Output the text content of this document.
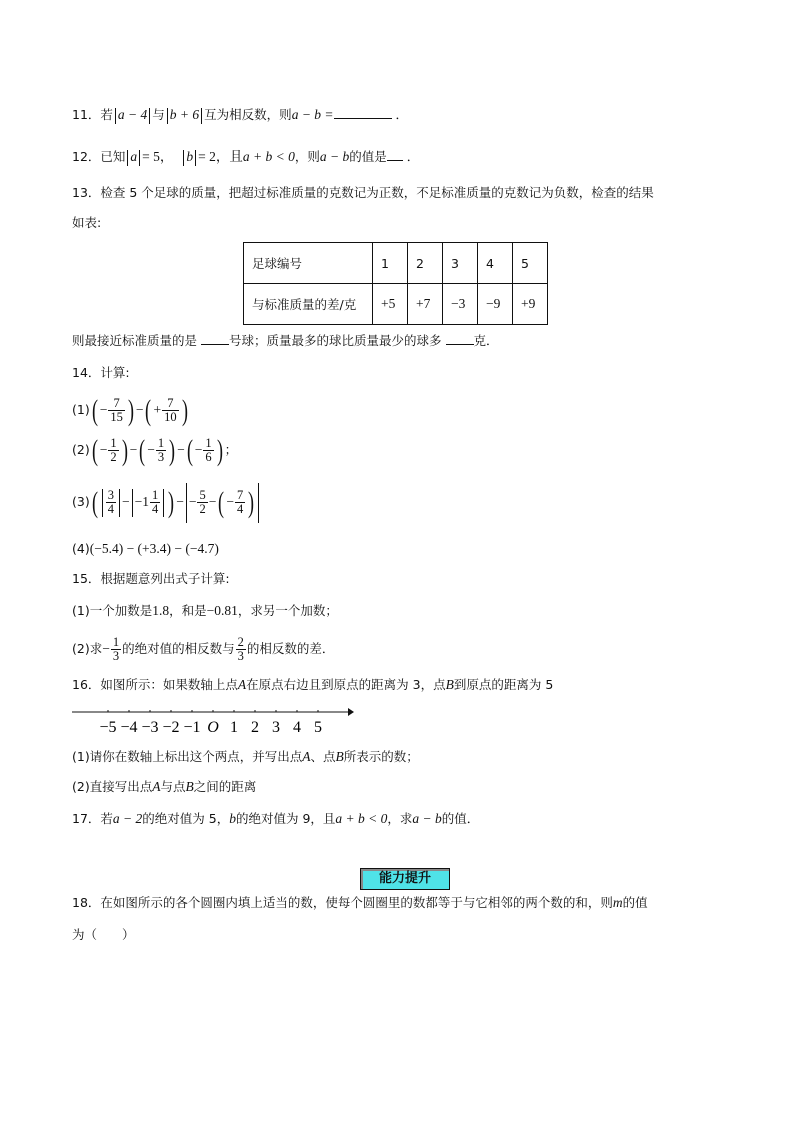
11．若 a − 4 与 b + 6 互为相反数，则a − b =	．
12．已知 a = 5， b = 2，且a + b < 0，则a − b的值是 ．
13．检查 5 个足球的质量，把超过标准质量的克数记为正数，不足标准质量的克数记为负数，检查的结果
如表:
足球编号	1	2	3	4	5
与标准质量的差/克	+5	+7	−3	−9	+9
则最接近标准质量的是	号球；质量最多的球比质量最少的球多	克．
14．计算:
$(1)( - \frac{7}{15}$ ) −( + $\frac{7}{10}$ )
$(2)( - \frac{1}{2}$ ) −( − $\frac{1}{3}$ ) −( − $\frac{1}{6}$ ) ；
$(3)( \frac{3}{4} - -1 \frac{1}{4}$ ) − − $\frac{5}{2}$ −( − $\frac{7}{4}$ )
(4)(−5.4) − (+3.4) − (−4.7)
15．根据题意列出式子计算:
(1)一个加数是1.8，和是−0.81，求另一个加数；
(2)求− $\frac{1}{3}$ 的绝对值的相反数与 $\frac{2}{3}$ 的相反数的差．
16．如图所示：如果数轴上点A在原点右边且到原点的距离为 3，点B到原点的距离为 5
−5 −4 −3 −2 −1 O 1 2 3 4 5
(1)请你在数轴上标出这个两点，并写出点A、点B所表示的数；
(2)直接写出点A与点B之间的距离
17．若a − 2的绝对值为 5，b的绝对值为 9，且a + b < 0，求a − b的值．
能力提升
18．在如图所示的各个圆圈内填上适当的数，使每个圆圈里的数都等于与它相邻的两个数的和，则m的值
为（　　）
